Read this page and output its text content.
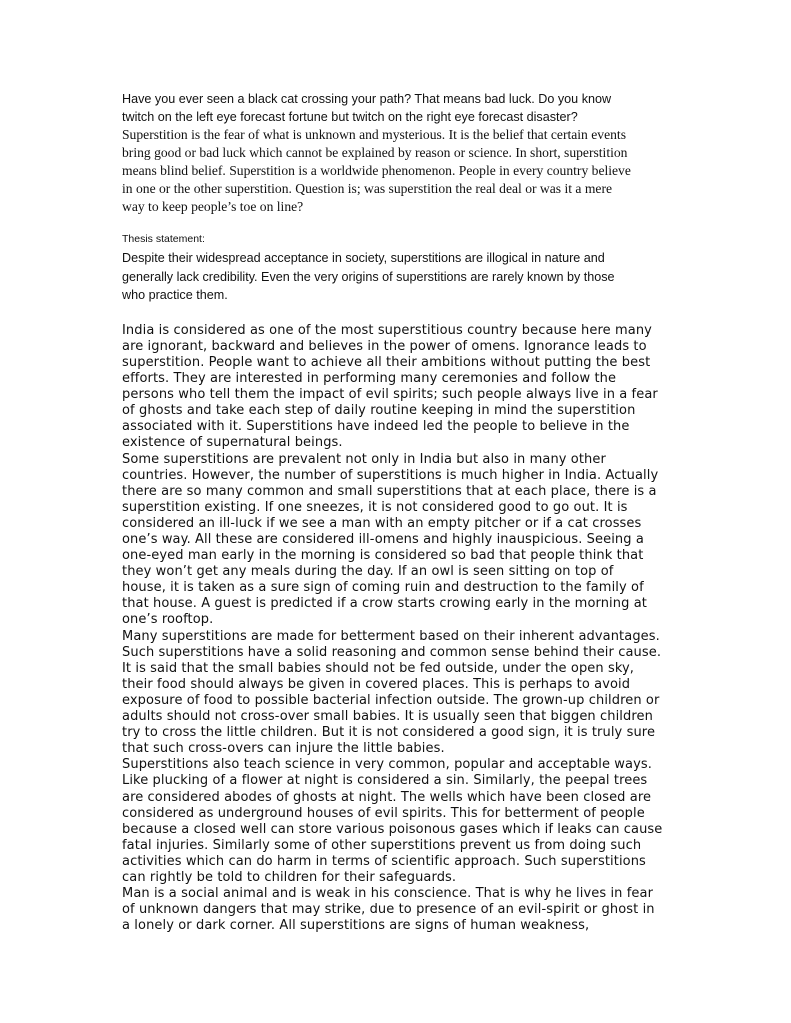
Have you ever seen a black cat crossing your path? That means bad luck. Do you know
twitch on the left eye forecast fortune but twitch on the right eye forecast disaster?

Superstition is the fear of what is unknown and mysterious. It is the belief that certain events
bring good or bad luck which cannot be explained by reason or science. In short, superstition
means blind belief. Superstition is a worldwide phenomenon. People in every country believe
in one or the other superstition. Question is; was superstition the real deal or was it a mere
way to keep people’s toe on line?

Thesis statement:

Despite their widespread acceptance in society, superstitions are illogical in nature and
generally lack credibility. Even the very origins of superstitions are rarely known by those
who practice them.

India is considered as one of the most superstitious country because here many
are ignorant, backward and believes in the power of omens. Ignorance leads to
superstition. People want to achieve all their ambitions without putting the best
efforts. They are interested in performing many ceremonies and follow the
persons who tell them the impact of evil spirits; such people always live in a fear
of ghosts and take each step of daily routine keeping in mind the superstition
associated with it. Superstitions have indeed led the people to believe in the
existence of supernatural beings.

Some superstitions are prevalent not only in India but also in many other
countries. However, the number of superstitions is much higher in India. Actually
there are so many common and small superstitions that at each place, there is a
superstition existing. If one sneezes, it is not considered good to go out. It is
considered an ill-luck if we see a man with an empty pitcher or if a cat crosses
one’s way. All these are considered ill-omens and highly inauspicious. Seeing a
one-eyed man early in the morning is considered so bad that people think that
they won’t get any meals during the day. If an owl is seen sitting on top of
house, it is taken as a sure sign of coming ruin and destruction to the family of
that house. A guest is predicted if a crow starts crowing early in the morning at
one’s rooftop.

Many superstitions are made for betterment based on their inherent advantages.
Such superstitions have a solid reasoning and common sense behind their cause.
It is said that the small babies should not be fed outside, under the open sky,
their food should always be given in covered places. This is perhaps to avoid
exposure of food to possible bacterial infection outside. The grown-up children or
adults should not cross-over small babies. It is usually seen that biggen children
try to cross the little children. But it is not considered a good sign, it is truly sure
that such cross-overs can injure the little babies.

Superstitions also teach science in very common, popular and acceptable ways.
Like plucking of a flower at night is considered a sin. Similarly, the peepal trees
are considered abodes of ghosts at night. The wells which have been closed are
considered as underground houses of evil spirits. This for betterment of people
because a closed well can store various poisonous gases which if leaks can cause
fatal injuries. Similarly some of other superstitions prevent us from doing such
activities which can do harm in terms of scientific approach. Such superstitions
can rightly be told to children for their safeguards.

Man is a social animal and is weak in his conscience. That is why he lives in fear
of unknown dangers that may strike, due to presence of an evil-spirit or ghost in
a lonely or dark corner. All superstitions are signs of human weakness,
